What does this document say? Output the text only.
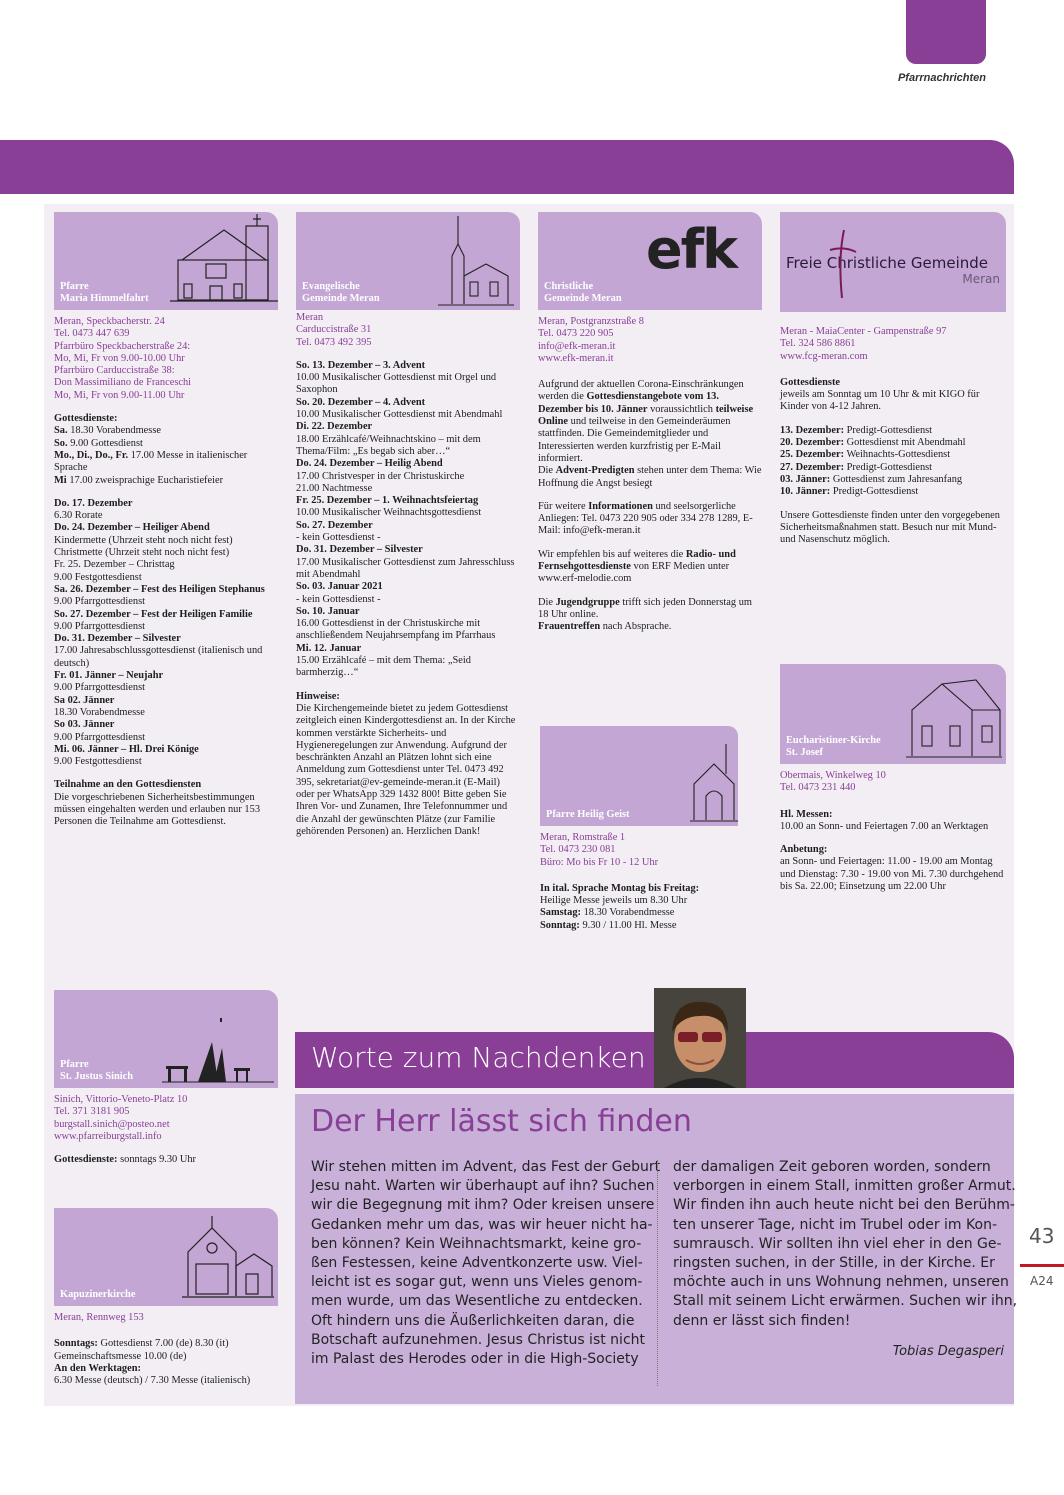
Pfarrnachrichten
Pfarre
Maria Himmelfahrt
Meran, Speckbacherstr. 24
Tel. 0473 447 639
Pfarrbüro Speckbacherstraße 24:
Mo, Mi, Fr von 9.00-10.00 Uhr
Pfarrbüro Carduccistraße 38:
Don Massimiliano de Franceschi
Mo, Mi, Fr von 9.00-11.00 Uhr
Gottesdienste:
Sa. 18.30 Vorabendmesse
So. 9.00 Gottesdienst
Mo., Di., Do., Fr. 17.00 Messe in italienischer Sprache
Mi 17.00 zweisprachige Eucharistiefeier
Do. 17. Dezember
6.30 Rorate
Do. 24. Dezember – Heiliger Abend
Kindermette (Uhrzeit steht noch nicht fest)
Christmette (Uhrzeit steht noch nicht fest)
Fr. 25. Dezember – Christtag
9.00 Festgottesdienst
Sa. 26. Dezember – Fest des Heiligen Stephanus
9.00 Pfarrgottesdienst
So. 27. Dezember – Fest der Heiligen Familie
9.00 Pfarrgottesdienst
Do. 31. Dezember – Silvester
17.00 Jahresabschlussgottesdienst (italienisch und deutsch)
Fr. 01. Jänner – Neujahr
9.00 Pfarrgottesdienst
Sa 02. Jänner
18.30 Vorabendmesse
So 03. Jänner
9.00 Pfarrgottesdienst
Mi. 06. Jänner – Hl. Drei Könige
9.00 Festgottesdienst
Teilnahme an den Gottesdiensten
Die vorgeschriebenen Sicherheitsbestimmungen müssen eingehalten werden und erlauben nur 153 Personen die Teilnahme am Gottesdienst.
Pfarre
St. Justus Sinich
Sinich, Vittorio-Veneto-Platz 10
Tel. 371 3181 905
burgstall.sinich@posteo.net
www.pfarreiburgstall.info
Gottesdienste: sonntags 9.30 Uhr
Kapuzinerkirche
Meran, Rennweg 153
Sonntags: Gottesdienst 7.00 (de) 8.30 (it)
Gemeinschaftsmesse 10.00 (de)
An den Werktagen:
6.30 Messe (deutsch) / 7.30 Messe (italienisch)
Evangelische
Gemeinde Meran
Meran
Carduccistraße 31
Tel. 0473 492 395
So. 13. Dezember – 3. Advent
10.00 Musikalischer Gottesdienst mit Orgel und Saxophon
So. 20. Dezember – 4. Advent
10.00 Musikalischer Gottesdienst mit Abendmahl
Di. 22. Dezember
18.00 Erzählcafé/Weihnachtskino – mit dem Thema/Film: „Es begab sich aber…“
Do. 24. Dezember – Heilig Abend
17.00 Christvesper in der Christuskirche
21.00 Nachtmesse
Fr. 25. Dezember – 1. Weihnachtsfeiertag
10.00 Musikalischer Weihnachtsgottesdienst
So. 27. Dezember
- kein Gottesdienst -
Do. 31. Dezember – Silvester
17.00 Musikalischer Gottesdienst zum Jahresschluss mit Abendmahl
So. 03. Januar 2021
- kein Gottesdienst -
So. 10. Januar
16.00 Gottesdienst in der Christuskirche mit anschließendem Neujahrsempfang im Pfarrhaus
Mi. 12. Januar
15.00 Erzählcafé – mit dem Thema: „Seid barmherzig…“
Hinweise:
Die Kirchengemeinde bietet zu jedem Gottesdienst zeitgleich einen Kindergottesdienst an. In der Kirche kommen verstärkte Sicherheits- und Hygieneregelungen zur Anwendung. Aufgrund der beschränkten Anzahl an Plätzen lohnt sich eine Anmeldung zum Gottesdienst unter Tel. 0473 492 395, sekretariat@ev-gemeinde-meran.it (E-Mail) oder per WhatsApp 329 1432 800! Bitte geben Sie Ihren Vor- und Zunamen, Ihre Telefonnummer und die Anzahl der gewünschten Plätze (zur Familie gehörenden Personen) an. Herzlichen Dank!
efk
Christliche
Gemeinde Meran
Meran, Postgranzstraße 8
Tel. 0473 220 905
info@efk-meran.it
www.efk-meran.it
Aufgrund der aktuellen Corona-Einschränkungen werden die Gottesdienstangebote vom 13. Dezember bis 10. Jänner voraussichtlich teilweise Online und teilweise in den Gemeinderäumen stattfinden. Die Gemeindemitglieder und Interessierten werden kurzfristig per E-Mail informiert.
Die Advent-Predigten stehen unter dem Thema: Wie Hoffnung die Angst besiegt
Für weitere Informationen und seelsorgerliche Anliegen: Tel. 0473 220 905 oder 334 278 1289, E-Mail: info@efk-meran.it
Wir empfehlen bis auf weiteres die Radio- und Fernsehgottesdienste von ERF Medien unter www.erf-melodie.com
Die Jugendgruppe trifft sich jeden Donnerstag um 18 Uhr online.
Frauentreffen nach Absprache.
Pfarre Heilig Geist
Meran, Romstraße 1
Tel. 0473 230 081
Büro: Mo bis Fr 10 - 12 Uhr
In ital. Sprache Montag bis Freitag:
Heilige Messe jeweils um 8.30 Uhr
Samstag: 18.30 Vorabendmesse
Sonntag: 9.30 / 11.00 Hl. Messe
Freie Christliche Gemeinde
Meran
Meran - MaiaCenter - Gampenstraße 97
Tel. 324 586 8861
www.fcg-meran.com
Gottesdienste
jeweils am Sonntag um 10 Uhr & mit KIGO für Kinder von 4-12 Jahren.
13. Dezember: Predigt-Gottesdienst
20. Dezember: Gottesdienst mit Abendmahl
25. Dezember: Weihnachts-Gottesdienst
27. Dezember: Predigt-Gottesdienst
03. Jänner: Gottesdienst zum Jahresanfang
10. Jänner: Predigt-Gottesdienst
Unsere Gottesdienste finden unter den vorgegebenen Sicherheitsmaßnahmen statt. Besuch nur mit Mund- und Nasenschutz möglich.
Eucharistiner-Kirche
St. Josef
Obermais, Winkelweg 10
Tel. 0473 231 440
Hl. Messen:
10.00 an Sonn- und Feiertagen 7.00 an Werktagen
Anbetung:
an Sonn- und Feiertagen: 11.00 - 19.00 am Montag und Dienstag: 7.30 - 19.00 von Mi. 7.30 durchgehend bis Sa. 22.00; Einsetzung um 22.00 Uhr
Worte zum Nachdenken
Der Herr lässt sich finden
Wir stehen mitten im Advent, das Fest der Geburt
Jesu naht. Warten wir überhaupt auf ihn? Suchen
wir die Begegnung mit ihm? Oder kreisen unsere
Gedanken mehr um das, was wir heuer nicht ha-
ben können? Kein Weihnachtsmarkt, keine gro-
ßen Festessen, keine Adventkonzerte usw. Viel-
leicht ist es sogar gut, wenn uns Vieles genom-
men wurde, um das Wesentliche zu entdecken.
Oft hindern uns die Äußerlichkeiten daran, die
Botschaft aufzunehmen. Jesus Christus ist nicht
im Palast des Herodes oder in die High-Society
der damaligen Zeit geboren worden, sondern
verborgen in einem Stall, inmitten großer Armut.
Wir finden ihn auch heute nicht bei den Berühm-
ten unserer Tage, nicht im Trubel oder im Kon-
sumrausch. Wir sollten ihn viel eher in den Ge-
ringsten suchen, in der Stille, in der Kirche. Er
möchte auch in uns Wohnung nehmen, unseren
Stall mit seinem Licht erwärmen. Suchen wir ihn,
denn er lässt sich finden!
Tobias Degasperi
43
A24
